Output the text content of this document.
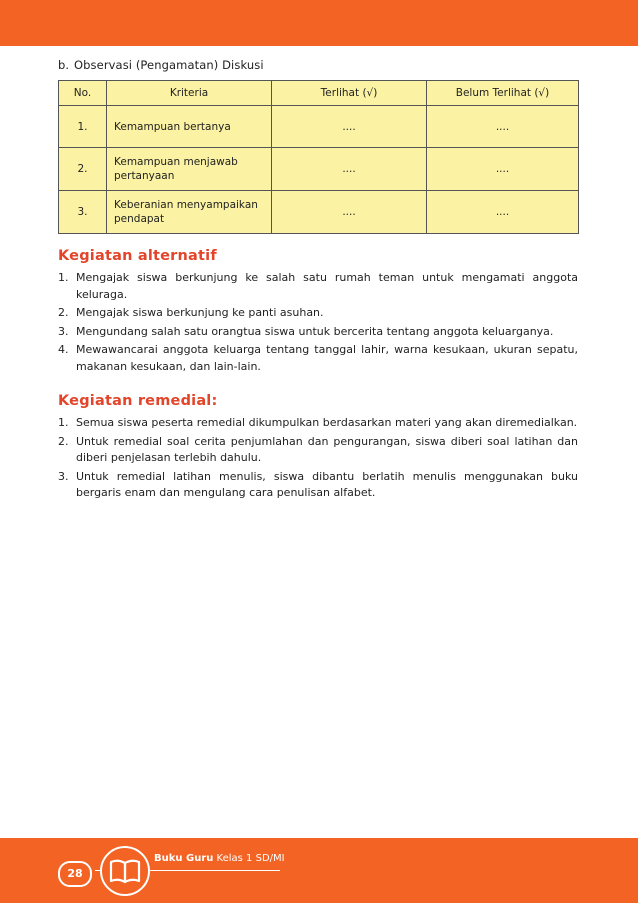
b. Observasi (Pengamatan) Diskusi

No.	Kriteria	Terlihat (√)	Belum Terlihat (√)
1.	Kemampuan bertanya	....	....
2.	Kemampuan menjawab pertanyaan	....	....
3.	Keberanian menyampaikan pendapat	....	....
Kegiatan alternatif
1. Mengajak siswa berkunjung ke salah satu rumah teman untuk mengamati anggota keluraga.
2. Mengajak siswa berkunjung ke panti asuhan.
3. Mengundang salah satu orangtua siswa untuk bercerita tentang anggota keluarganya.
4. Mewawancarai anggota keluarga tentang tanggal lahir, warna kesukaan, ukuran sepatu, makanan kesukaan, dan lain-lain.
Kegiatan remedial:
1. Semua siswa peserta remedial dikumpulkan berdasarkan materi yang akan diremedialkan.
2. Untuk remedial soal cerita penjumlahan dan pengurangan, siswa diberi soal latihan dan diberi penjelasan terlebih dahulu.
3. Untuk remedial latihan menulis, siswa dibantu berlatih menulis menggunakan buku bergaris enam dan mengulang cara penulisan alfabet.
28
Buku Guru Kelas 1 SD/MI
